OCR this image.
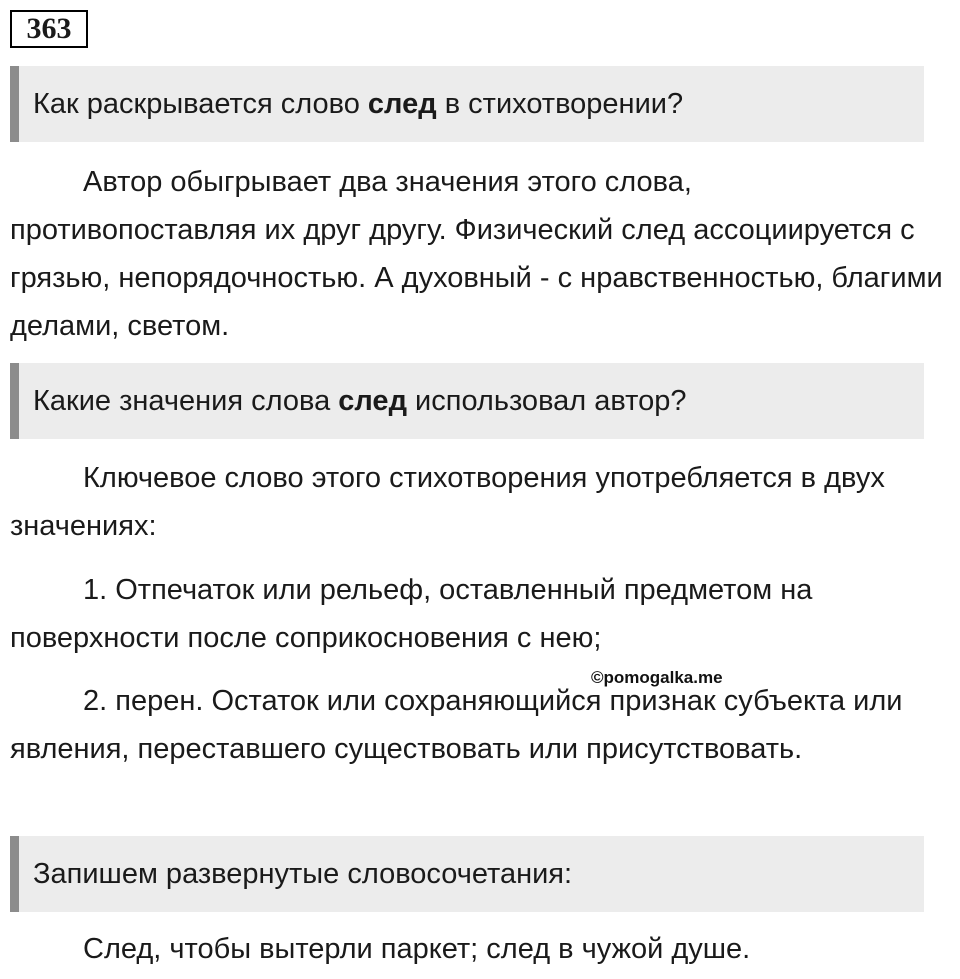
363
Как раскрывается слово след в стихотворении?

Автор обыгрывает два значения этого слова, противопоставляя их друг другу. Физический след ассоциируется с грязью, непорядочностью. А духовный - с нравственностью, благими делами, светом.

Какие значения слова след использовал автор?

Ключевое слово этого стихотворения употребляется в двух значениях:

1. Отпечаток или рельеф, оставленный предметом на поверхности после соприкосновения с нею;

2. перен. Остаток или сохраняющийся признак субъекта или явления, переставшего существовать или присутствовать.

©pomogalka.me
Запишем развернутые словосочетания:

След, чтобы вытерли паркет; след в чужой душе.
